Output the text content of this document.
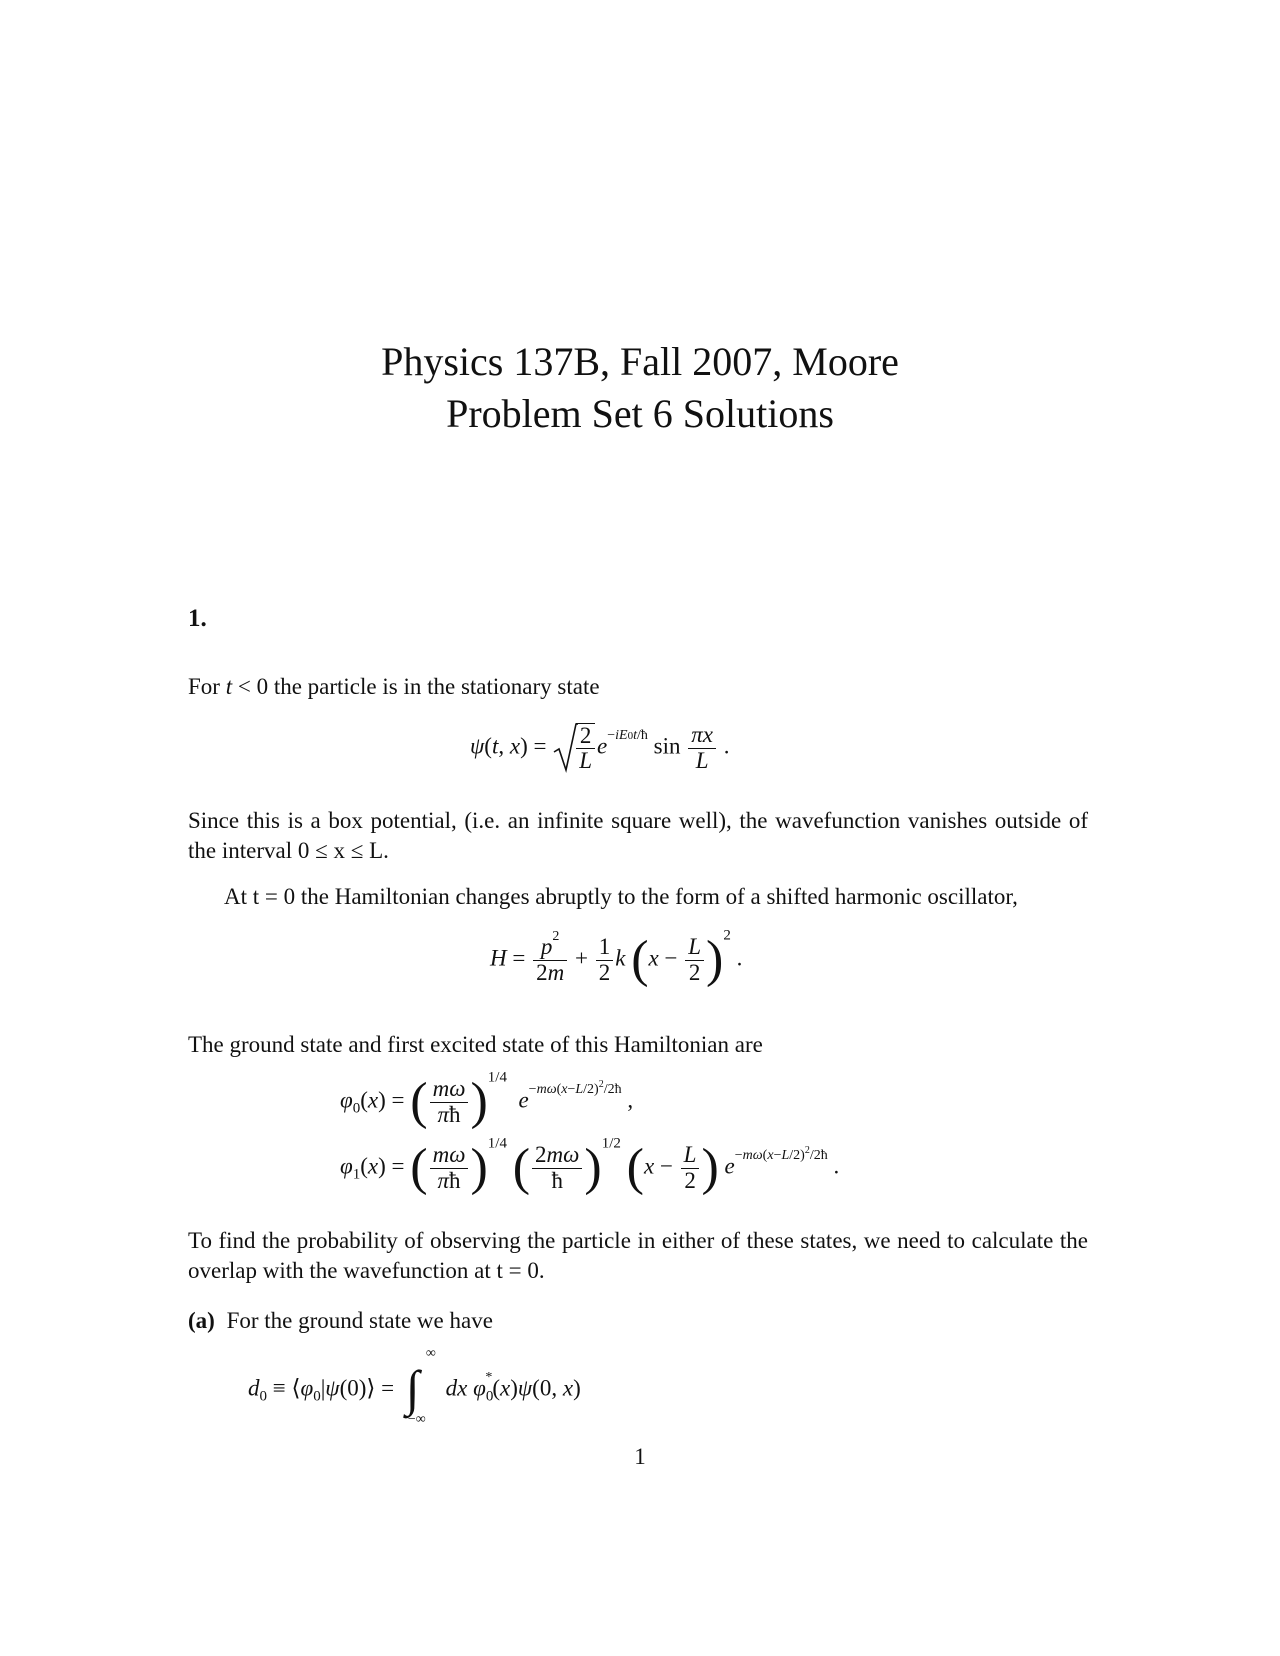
Physics 137B, Fall 2007, Moore
Problem Set 6 Solutions
1.
For t < 0 the particle is in the stationary state
ψ(t, $x) = \frac{2}{L} e^{-iE0t/ħ}$ $\sin \frac{\pi x}{L}$ .
Since this is a box potential, (i.e. an infinite square well), the wavefunction vanishes outside of the interval 0 ≤ x ≤ L.
At t = 0 the Hamiltonian changes abruptly to the form of a shifted harmonic oscillator,
$H = \frac{p^2}{2m} + \frac{1}{2}$ k $(x - \frac{L}{2} )^2$ .
The ground state and first excited state of this Hamiltonian are
$\varphi_0(x)$ = ( $\frac{m\omega}{\pi ħ} )^{1/4}$  $e^{-m\omega(x-L/2)^2/2ħ}$ ,
$\varphi_1(x)$ = ( $\frac{m\omega}{\pi ħ} )^{1/4}$ ( $\frac{2m\omega}{ħ} )^{1/2}$ ($x - \frac{L}{2}$ ) $e^{-m\omega(x-L/2)^2/2ħ}$ .
To find the probability of observing the particle in either of these states, we need to calculate the overlap with the wavefunction at t = 0.
(a) For the ground state we have
$d_0$ ≡ $⟨\varphi_0|\psi(0)⟩$ = ∫
∞
−∞
dx $\varphi_0^*(x)\psi(0$, x)
1
